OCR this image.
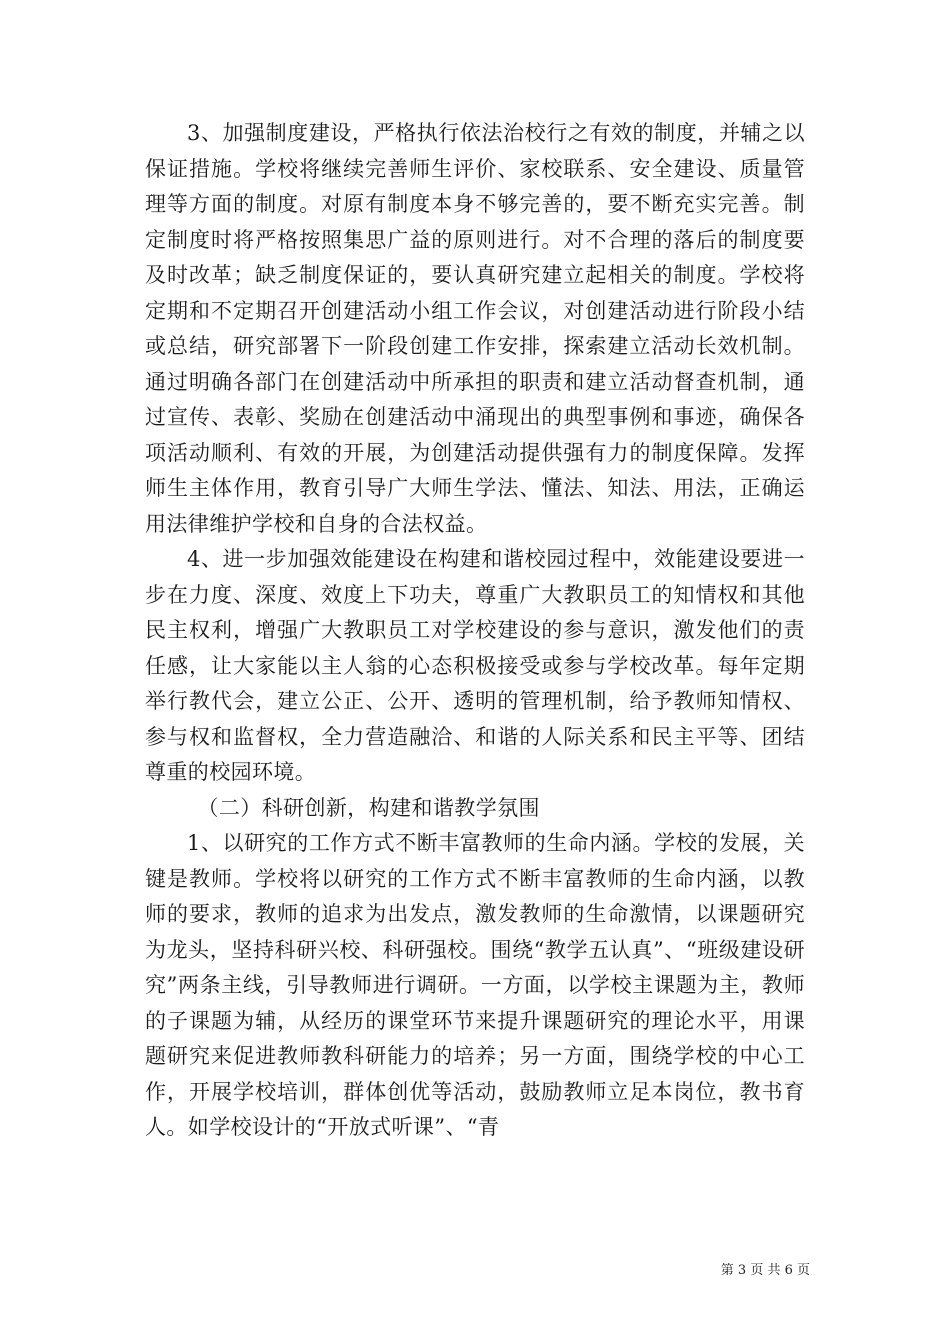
3、加强制度建设，严格执行依法治校行之有效的制度，并辅之以保证措施。学校将继续完善师生评价、家校联系、安全建设、质量管理等方面的制度。对原有制度本身不够完善的，要不断充实完善。制定制度时将严格按照集思广益的原则进行。对不合理的落后的制度要及时改革；缺乏制度保证的，要认真研究建立起相关的制度。学校将定期和不定期召开创建活动小组工作会议，对创建活动进行阶段小结或总结，研究部署下一阶段创建工作安排，探索建立活动长效机制。通过明确各部门在创建活动中所承担的职责和建立活动督查机制，通过宣传、表彰、奖励在创建活动中涌现出的典型事例和事迹，确保各项活动顺利、有效的开展，为创建活动提供强有力的制度保障。发挥师生主体作用，教育引导广大师生学法、懂法、知法、用法，正确运用法律维护学校和自身的合法权益。

4、进一步加强效能建设在构建和谐校园过程中，效能建设要进一步在力度、深度、效度上下功夫，尊重广大教职员工的知情权和其他民主权利，增强广大教职员工对学校建设的参与意识，激发他们的责任感，让大家能以主人翁的心态积极接受或参与学校改革。每年定期举行教代会，建立公正、公开、透明的管理机制，给予教师知情权、参与权和监督权，全力营造融洽、和谐的人际关系和民主平等、团结尊重的校园环境。

（二）科研创新，构建和谐教学氛围

1、以研究的工作方式不断丰富教师的生命内涵。学校的发展，关键是教师。学校将以研究的工作方式不断丰富教师的生命内涵，以教师的要求，教师的追求为出发点，激发教师的生命激情，以课题研究为龙头，坚持科研兴校、科研强校。围绕“教学五认真”、“班级建设研究”两条主线，引导教师进行调研。一方面，以学校主课题为主，教师的子课题为辅，从经历的课堂环节来提升课题研究的理论水平，用课题研究来促进教师教科研能力的培养；另一方面，围绕学校的中心工作，开展学校培训，群体创优等活动，鼓励教师立足本岗位，教书育人。如学校设计的“开放式听课”、“青

第 3 页 共 6 页
